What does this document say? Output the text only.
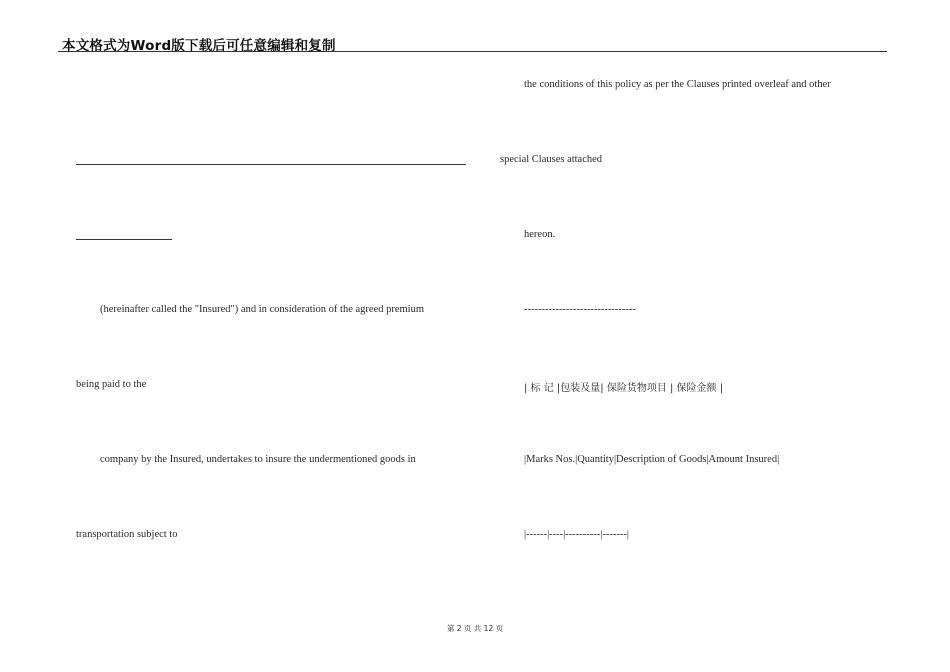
本文格式为Word版下载后可任意编辑和复制
(hereinafter called the "Insured") and in consideration of the agreed premium
being paid to the
company by the Insured, undertakes to insure the undermentioned goods in
transportation subject to
the conditions of this policy as per the Clauses printed overleaf and other
special Clauses attached
hereon.
--------------------------------
| 标 记 |包装及量| 保险货物项目 | 保险金额 |
|Marks Nos.|Quantity|Description of Goods|Amount Insured|
|------|----|----------|-------|
第 2 页 共 12 页
